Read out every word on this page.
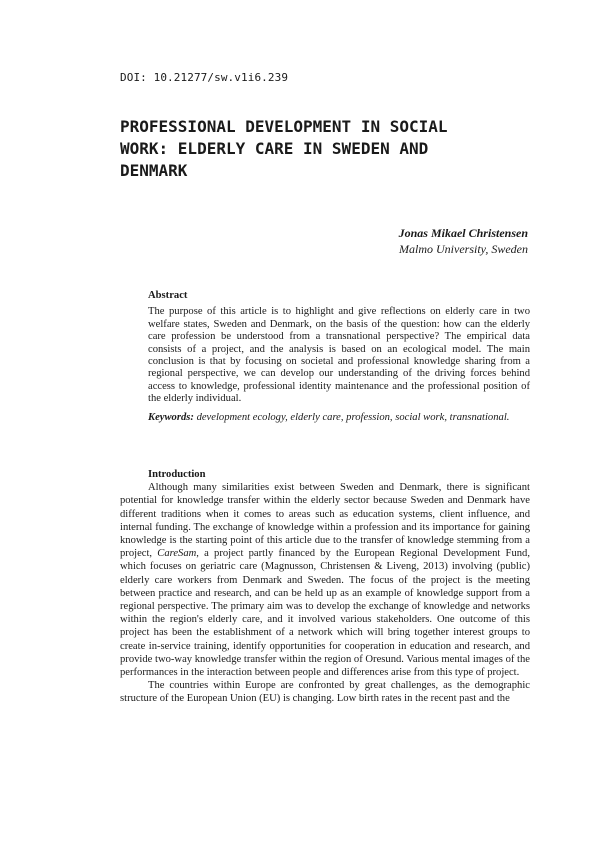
DOI: 10.21277/sw.v1i6.239
PROFESSIONAL DEVELOPMENT IN SOCIAL
WORK: ELDERLY CARE IN SWEDEN AND
DENMARK
Jonas Mikael Christensen
Malmo University, Sweden
Abstract

The purpose of this article is to highlight and give reflections on elderly care in two welfare states, Sweden and Denmark, on the basis of the question: how can the elderly care profession be understood from a transnational perspective? The empirical data consists of a project, and the analysis is based on an ecological model. The main conclusion is that by focusing on societal and professional knowledge sharing from a regional perspective, we can develop our understanding of the driving forces behind access to knowledge, professional identity maintenance and the professional position of the elderly individual.

Keywords: development ecology, elderly care, profession, social work, transnational.

Introduction

Although many similarities exist between Sweden and Denmark, there is significant potential for knowledge transfer within the elderly sector because Sweden and Denmark have different traditions when it comes to areas such as education systems, client influence, and internal funding. The exchange of knowledge within a profession and its importance for gaining knowledge is the starting point of this article due to the transfer of knowledge stemming from a project, CareSam, a project partly financed by the European Regional Development Fund, which focuses on geriatric care (Magnusson, Christensen & Liveng, 2013) involving (public) elderly care workers from Denmark and Sweden. The focus of the project is the meeting between practice and research, and can be held up as an example of knowledge support from a regional perspective. The primary aim was to develop the exchange of knowledge and networks within the region's elderly care, and it involved various stakeholders. One outcome of this project has been the establishment of a network which will bring together interest groups to create in-service training, identify opportunities for cooperation in education and research, and provide two-way knowledge transfer within the region of Oresund. Various mental images of the performances in the interaction between people and differences arise from this type of project.

The countries within Europe are confronted by great challenges, as the demographic structure of the European Union (EU) is changing. Low birth rates in the recent past and the
